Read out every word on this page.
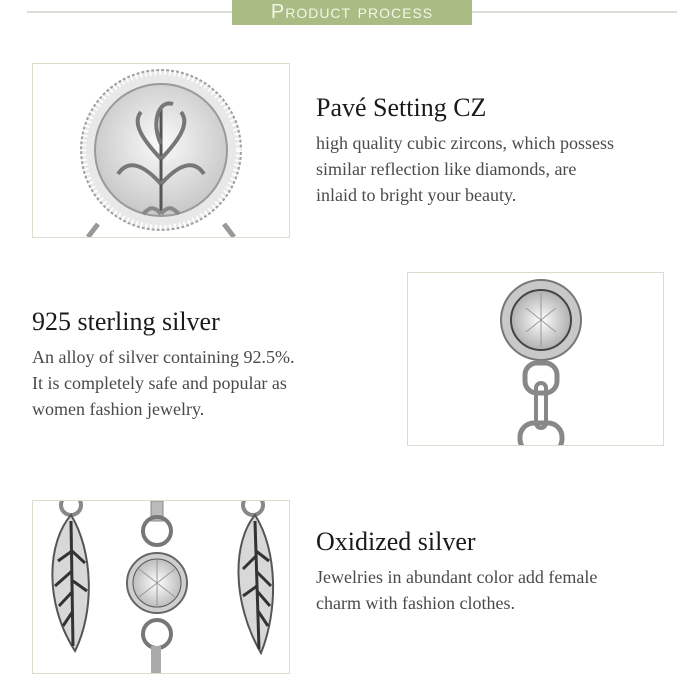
Product process
Pavé Setting CZ

high quality cubic zircons, which possess
similar reflection like diamonds, are
inlaid to bright your beauty.

925 sterling silver

An alloy of silver containing 92.5%.
It is completely safe and popular as
women fashion jewelry.

Oxidized silver

Jewelries in abundant color add female
charm with fashion clothes.
